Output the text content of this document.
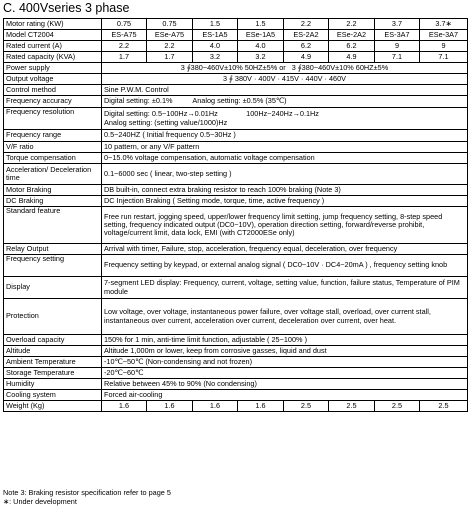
C. 400Vseries 3 phase
Motor rating (KW)	0.75	0.75	1.5	1.5	2.2	2.2	3.7	3.7∗
Model CT2004	ES-A75	ESe-A75	ES-1A5	ESe-1A5	ES-2A2	ESe-2A2	ES-3A7	ESe-3A7
Rated current (A)	2.2	2.2	4.0	4.0	6.2	6.2	9	9
Rated capacity (KVA)	1.7	1.7	3.2	3.2	4.9	4.9	7.1	7.1
Power supply	3 ∮380~460V±10% 50HZ±5% or 3 ∮380~460V±10% 60HZ±5%							
Output voltage	3 ∮ 380V · 400V · 415V · 440V · 460V							
Control method	Sine P.W.M. Control							
Frequency accuracy	Digital setting: ±0.1%          Analog setting: ±0.5% (35℃)							
Frequency resolution	Digital setting: 0.5~100Hz→0.01Hz              100Hz~240Hz→0.1Hz
Analog setting: (setting value/1000)Hz							

Frequency range	0.5~240HZ ( Initial frequency 0.5~30Hz )							
V/F ratio	10 pattern, or any V/F pattern							
Torque compensation	0~15.0% voltage compensation, automatic voltage compensation							
Acceleration/ Deceleration time	0.1~6000 sec ( linear, two-step setting )							
Motor Braking	DB built-in, connect extra braking resistor to reach 100% braking (Note 3)							
DC Braking	DC Injection Braking ( Setting mode, torque, time, active frequency )							
Standard feature	Free run restart, jogging speed, upper/lower frequency limit setting, jump frequency setting, 8-step speed setting, frequency indicated output (DC0~10V), operation direction setting, forward/reverse prohibit, voltage/current limit, data lock, EMI (with CT2000ESe only)							
Relay Output	Arrival with timer, Failure, stop, acceleration, frequency equal, deceleration, over frequency							
Frequency setting	Frequency setting by keypad, or external analog signal ( DC0~10V · DC4~20mA ) , frequency setting knob							
Display	7-segment LED display: Frequency, current, voltage, setting value, function, failure status, Temperature of PIM module							
Protection	Low voltage, over voltage, instantaneous power failure, over voltage stall, overload, over current stall, instantaneous over current, acceleration over current, deceleration over current, over heat.							
Overload capacity	150% for 1 min, anti-time limit function, adjustable ( 25~100% )							
Altitude	Altitude 1,000m or lower, keep from corrosive gasses, liquid and dust							
Ambient Temperature	-10℃~50℃ (Non-condensing and not frozen)							
Storage Temperature	-20℃~60℃							
Humidity	Relative between 45% to 90% (No condensing)							
Cooling system	Forced air-cooling							
Weight (Kg)	1.6	1.6	1.6	1.6	2.5	2.5	2.5	2.5
Note 3: Braking resistor specification refer to page 5
∗: Under development
